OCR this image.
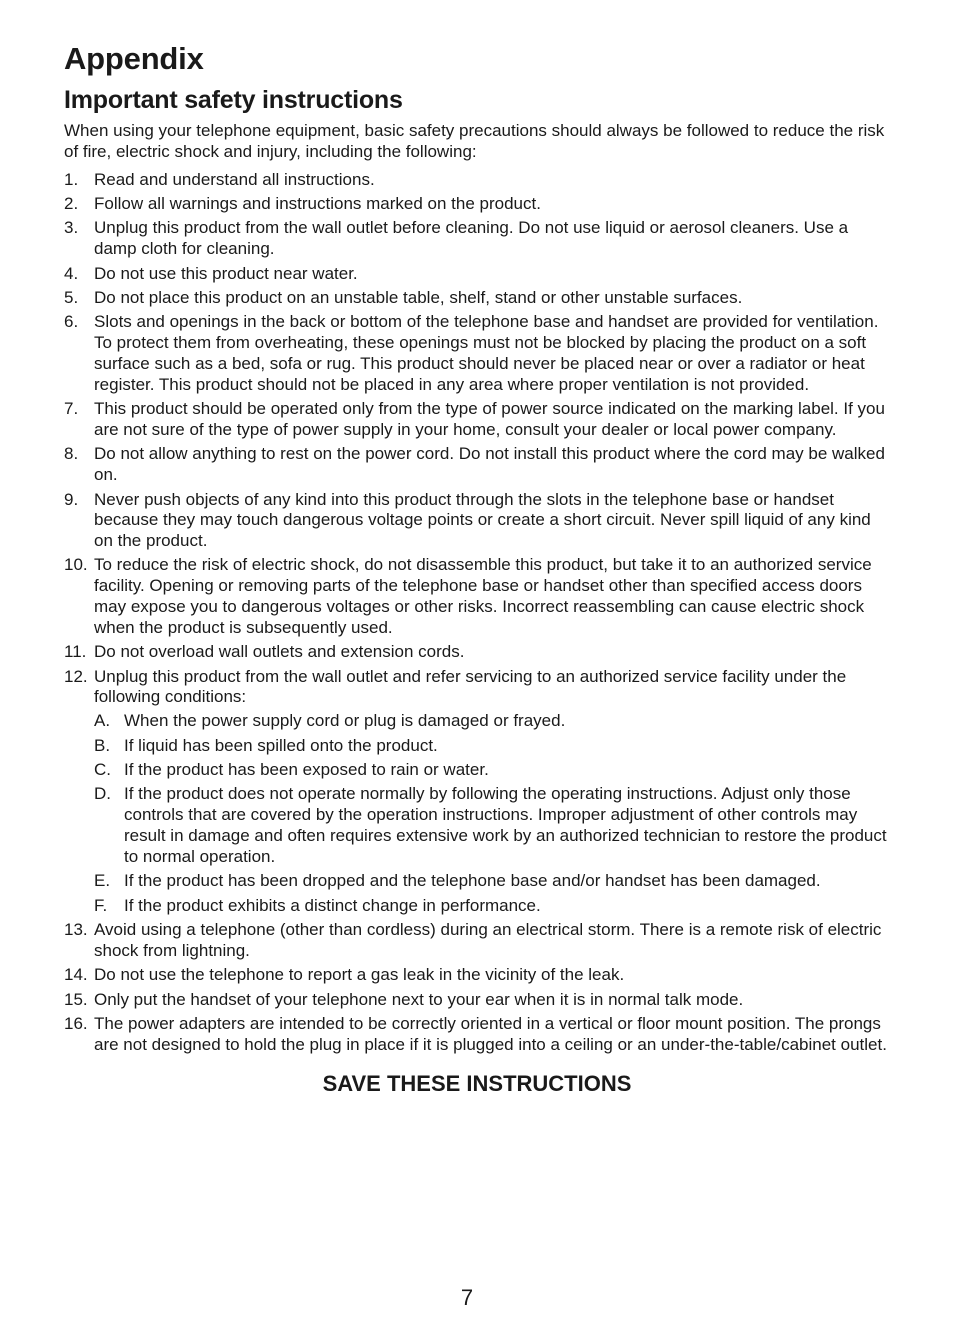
Appendix
Important safety instructions

When using your telephone equipment, basic safety precautions should always be followed to reduce the risk of fire, electric shock and injury, including the following:

1. Read and understand all instructions.
2. Follow all warnings and instructions marked on the product.
3. Unplug this product from the wall outlet before cleaning. Do not use liquid or aerosol cleaners. Use a damp cloth for cleaning.
4. Do not use this product near water.
5. Do not place this product on an unstable table, shelf, stand or other unstable surfaces.
6. Slots and openings in the back or bottom of the telephone base and handset are provided for ventilation. To protect them from overheating, these openings must not be blocked by placing the product on a soft surface such as a bed, sofa or rug. This product should never be placed near or over a radiator or heat register. This product should not be placed in any area where proper ventilation is not provided.
7. This product should be operated only from the type of power source indicated on the marking label. If you are not sure of the type of power supply in your home, consult your dealer or local power company.
8. Do not allow anything to rest on the power cord. Do not install this product where the cord may be walked on.
9. Never push objects of any kind into this product through the slots in the telephone base or handset because they may touch dangerous voltage points or create a short circuit. Never spill liquid of any kind on the product.
10. To reduce the risk of electric shock, do not disassemble this product, but take it to an authorized service facility. Opening or removing parts of the telephone base or handset other than specified access doors may expose you to dangerous voltages or other risks. Incorrect reassembling can cause electric shock when the product is subsequently used.
11. Do not overload wall outlets and extension cords.
12. Unplug this product from the wall outlet and refer servicing to an authorized service facility under the following conditions:
A. When the power supply cord or plug is damaged or frayed.
B. If liquid has been spilled onto the product.
C. If the product has been exposed to rain or water.
D. If the product does not operate normally by following the operating instructions. Adjust only those controls that are covered by the operation instructions. Improper adjustment of other controls may result in damage and often requires extensive work by an authorized technician to restore the product to normal operation.
E. If the product has been dropped and the telephone base and/or handset has been damaged.
F. If the product exhibits a distinct change in performance.
13. Avoid using a telephone (other than cordless) during an electrical storm. There is a remote risk of electric shock from lightning.
14. Do not use the telephone to report a gas leak in the vicinity of the leak.
15. Only put the handset of your telephone next to your ear when it is in normal talk mode.
16. The power adapters are intended to be correctly oriented in a vertical or floor mount position. The prongs are not designed to hold the plug in place if it is plugged into a ceiling or an under-the-table/cabinet outlet.
SAVE THESE INSTRUCTIONS
7
